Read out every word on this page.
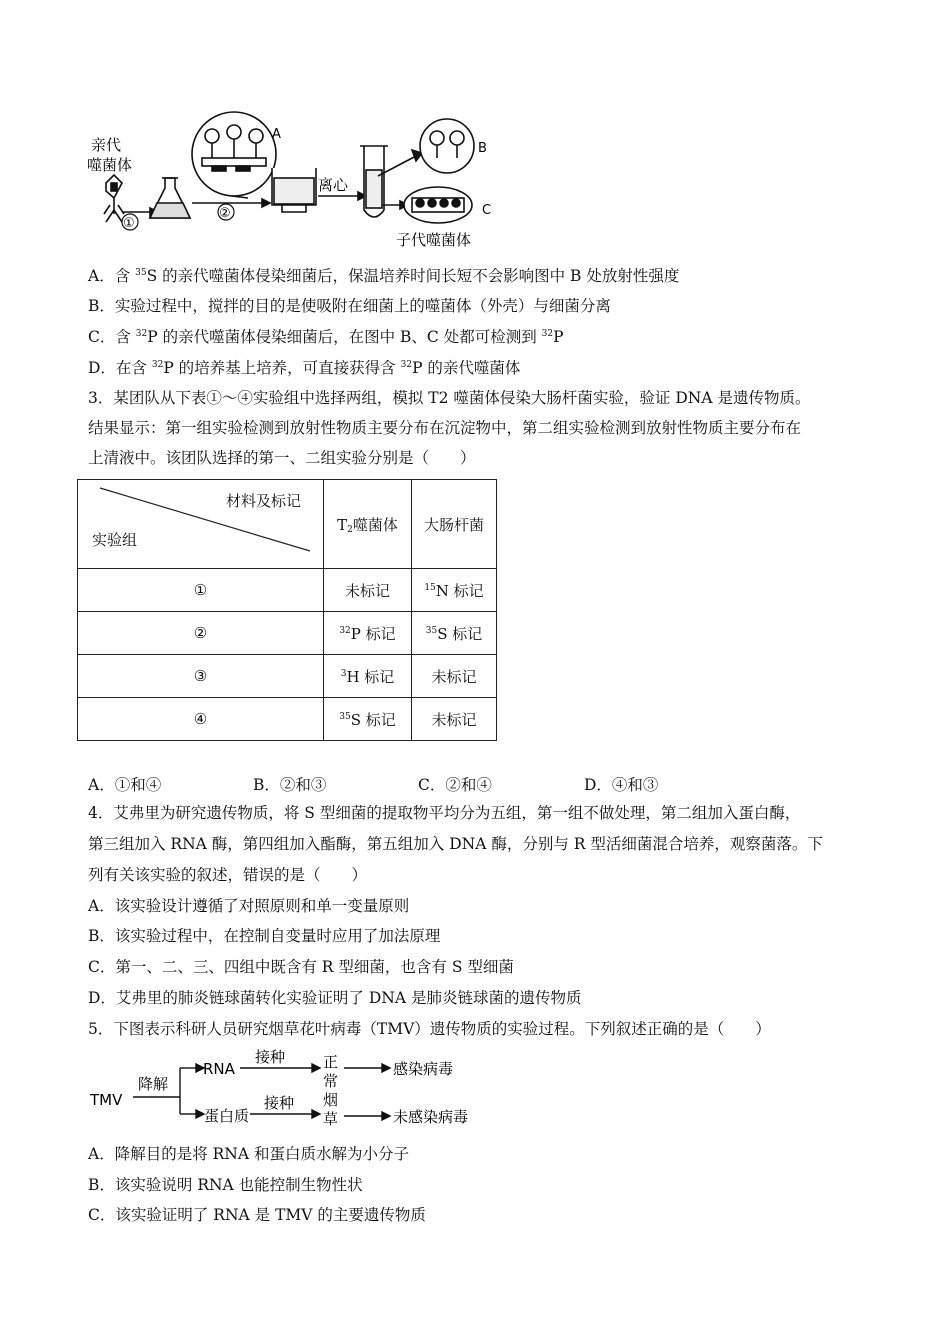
亲代
噬菌体
①
②
离心
A
B
C
子代噬菌体
A．含 $^{35}$S 的亲代噬菌体侵染细菌后，保温培养时间长短不会影响图中 B 处放射性强度
B．实验过程中，搅拌的目的是使吸附在细菌上的噬菌体（外壳）与细菌分离
C．含 $^{32}$P 的亲代噬菌体侵染细菌后，在图中 B、C 处都可检测到 $^{32}$P
D．在含 $^{32}$P 的培养基上培养，可直接获得含 $^{32}$P 的亲代噬菌体
3．某团队从下表①～④实验组中选择两组，模拟 T2 噬菌体侵染大肠杆菌实验，验证 DNA 是遗传物质。
结果显示：第一组实验检测到放射性物质主要分布在沉淀物中，第二组实验检测到放射性物质主要分布在
上清液中。该团队选择的第一、二组实验分别是（　　）
材料及标记
实验组	$T_2$噬菌体	大肠杆菌
①	未标记	$^{15}$N 标记
②	$^{32}$P 标记	$^{35}$S 标记
③	$^3$H 标记	未标记
④	$^{35}$S 标记	未标记
A．①和④	B．②和③	C．②和④	D．④和③
4．艾弗里为研究遗传物质，将 S 型细菌的提取物平均分为五组，第一组不做处理，第二组加入蛋白酶，
第三组加入 RNA 酶，第四组加入酯酶，第五组加入 DNA 酶，分别与 R 型活细菌混合培养，观察菌落。下
列有关该实验的叙述，错误的是（　　）
A．该实验设计遵循了对照原则和单一变量原则
B．该实验过程中，在控制自变量时应用了加法原理
C．第一、二、三、四组中既含有 R 型细菌，也含有 S 型细菌
D．艾弗里的肺炎链球菌转化实验证明了 DNA 是肺炎链球菌的遗传物质
5．下图表示科研人员研究烟草花叶病毒（TMV）遗传物质的实验过程。下列叙述正确的是（　　）
TMV
降解
RNA
蛋白质
接种
接种
正
常
烟
草
感染病毒
未感染病毒
A．降解目的是将 RNA 和蛋白质水解为小分子
B．该实验说明 RNA 也能控制生物性状
C．该实验证明了 RNA 是 TMV 的主要遗传物质
